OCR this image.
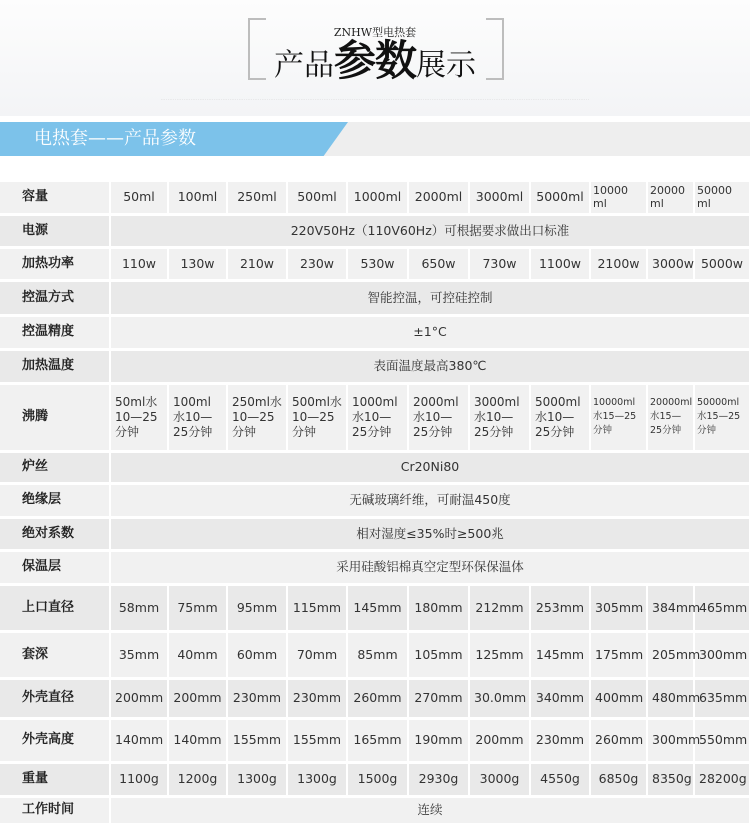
ZNHW型电热套
产品参数展示
..................................................................................................................................................................................................................................................
电热套——产品参数
容量	50ml	100ml	250ml	500ml	1000ml	2000ml	3000ml	5000ml	10000 ml	20000 ml	50000 ml
电源	220V50Hz（110V60Hz）可根据要求做出口标准										
加热功率	110w	130w	210w	230w	530w	650w	730w	1100w	2100w	3000w	5000w
控温方式	智能控温，可控硅控制										
控温精度	±1°C										
加热温度	表面温度最高380℃										
沸腾	50ml水10—25分钟	100ml水10—25分钟	250ml水10—25分钟	500ml水10—25分钟	1000ml水10—25分钟	2000ml水10—25分钟	3000ml水10—25分钟	5000ml水10—25分钟	10000ml水15—25分钟	20000ml水15—25分钟	50000ml水15—25分钟
炉丝	Cr20Ni80										
绝缘层	无碱玻璃纤维，可耐温450度										
绝对系数	相对湿度≤35%时≥500兆										
保温层	采用硅酸铝棉真空定型环保保温体										
上口直径	58mm	75mm	95mm	115mm	145mm	180mm	212mm	253mm	305mm	384mm	465mm
套深	35mm	40mm	60mm	70mm	85mm	105mm	125mm	145mm	175mm	205mm	300mm
外壳直径	200mm	200mm	230mm	230mm	260mm	270mm	30.0mm	340mm	400mm	480mm	635mm
外壳高度	140mm	140mm	155mm	155mm	165mm	190mm	200mm	230mm	260mm	300mm	550mm
重量	1100g	1200g	1300g	1300g	1500g	2930g	3000g	4550g	6850g	8350g	28200g
工作时间	连续										
